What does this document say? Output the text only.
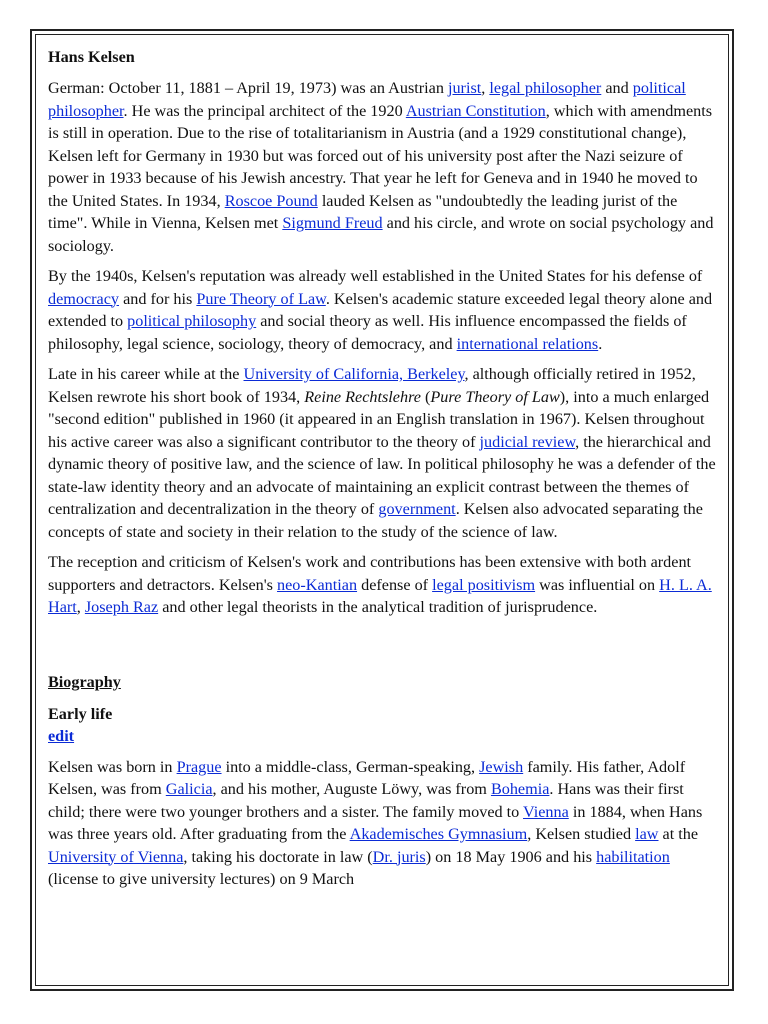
Hans Kelsen

German: October 11, 1881 – April 19, 1973) was an Austrian jurist, legal philosopher and political philosopher. He was the principal architect of the 1920 Austrian Constitution, which with amendments is still in operation. Due to the rise of totalitarianism in Austria (and a 1929 constitutional change), Kelsen left for Germany in 1930 but was forced out of his university post after the Nazi seizure of power in 1933 because of his Jewish ancestry. That year he left for Geneva and in 1940 he moved to the United States. In 1934, Roscoe Pound lauded Kelsen as "undoubtedly the leading jurist of the time". While in Vienna, Kelsen met Sigmund Freud and his circle, and wrote on social psychology and sociology.

By the 1940s, Kelsen's reputation was already well established in the United States for his defense of democracy and for his Pure Theory of Law. Kelsen's academic stature exceeded legal theory alone and extended to political philosophy and social theory as well. His influence encompassed the fields of philosophy, legal science, sociology, theory of democracy, and international relations.

Late in his career while at the University of California, Berkeley, although officially retired in 1952, Kelsen rewrote his short book of 1934, Reine Rechtslehre (Pure Theory of Law), into a much enlarged "second edition" published in 1960 (it appeared in an English translation in 1967). Kelsen throughout his active career was also a significant contributor to the theory of judicial review, the hierarchical and dynamic theory of positive law, and the science of law. In political philosophy he was a defender of the state-law identity theory and an advocate of maintaining an explicit contrast between the themes of centralization and decentralization in the theory of government. Kelsen also advocated separating the concepts of state and society in their relation to the study of the science of law.

The reception and criticism of Kelsen's work and contributions has been extensive with both ardent supporters and detractors. Kelsen's neo-Kantian defense of legal positivism was influential on H. L. A. Hart, Joseph Raz and other legal theorists in the analytical tradition of jurisprudence.

Biography
Early life
edit

Kelsen was born in Prague into a middle-class, German-speaking, Jewish family. His father, Adolf Kelsen, was from Galicia, and his mother, Auguste Löwy, was from Bohemia. Hans was their first child; there were two younger brothers and a sister. The family moved to Vienna in 1884, when Hans was three years old. After graduating from the Akademisches Gymnasium, Kelsen studied law at the University of Vienna, taking his doctorate in law (Dr. juris) on 18 May 1906 and his habilitation (license to give university lectures) on 9 March
